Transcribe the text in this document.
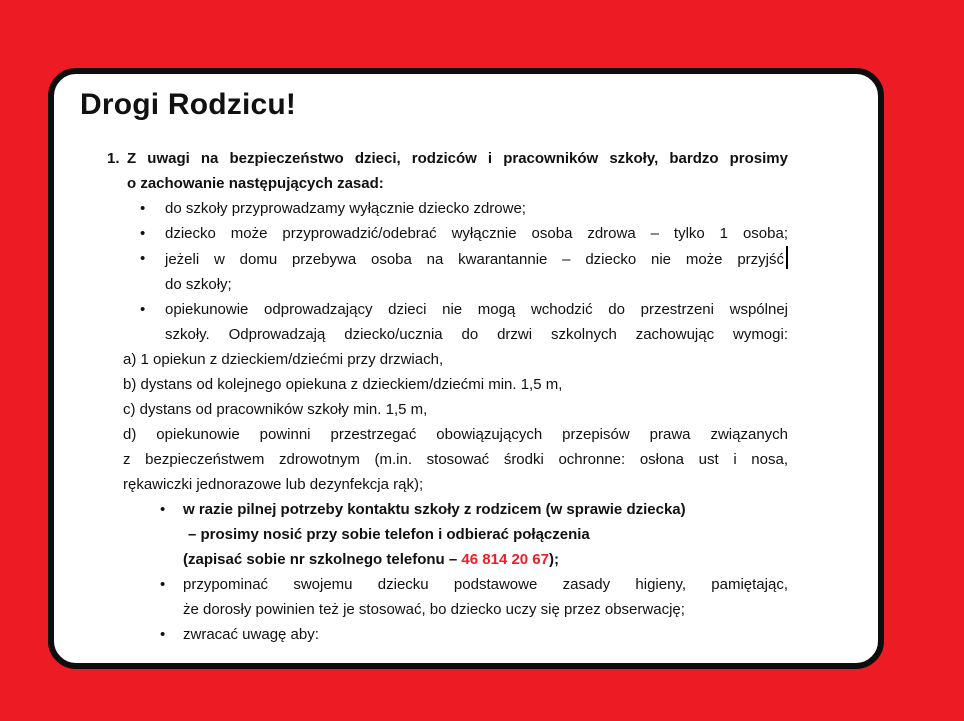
Drogi Rodzicu!
1. Z uwagi na bezpieczeństwo dzieci, rodziców i pracowników szkoły, bardzo prosimy
o zachowanie następujących zasad:
•	do szkoły przyprowadzamy wyłącznie dziecko zdrowe;
•	dziecko może przyprowadzić/odebrać wyłącznie osoba zdrowa – tylko 1 osoba;
•	jeżeli w domu przebywa osoba na kwarantannie – dziecko nie może przyjść
do szkoły;
•	opiekunowie odprowadzający dzieci nie mogą wchodzić do przestrzeni wspólnej
szkoły. Odprowadzają dziecko/ucznia do drzwi szkolnych zachowując wymogi:
a) 1 opiekun z dzieckiem/dziećmi przy drzwiach,
b) dystans od kolejnego opiekuna z dzieckiem/dziećmi min. 1,5 m,
c) dystans od pracowników szkoły min. 1,5 m,
d) opiekunowie powinni przestrzegać obowiązujących przepisów prawa związanych
z bezpieczeństwem zdrowotnym (m.in. stosować środki ochronne: osłona ust i nosa,
rękawiczki jednorazowe lub dezynfekcja rąk);
•	w razie pilnej potrzeby kontaktu szkoły z rodzicem (w sprawie dziecka)
– prosimy nosić przy sobie telefon i odbierać połączenia
(zapisać sobie nr szkolnego telefonu – 46 814 20 67);
•	przypominać swojemu dziecku podstawowe zasady higieny, pamiętając,
że dorosły powinien też je stosować, bo dziecko uczy się przez obserwację;
•	zwracać uwagę aby:
